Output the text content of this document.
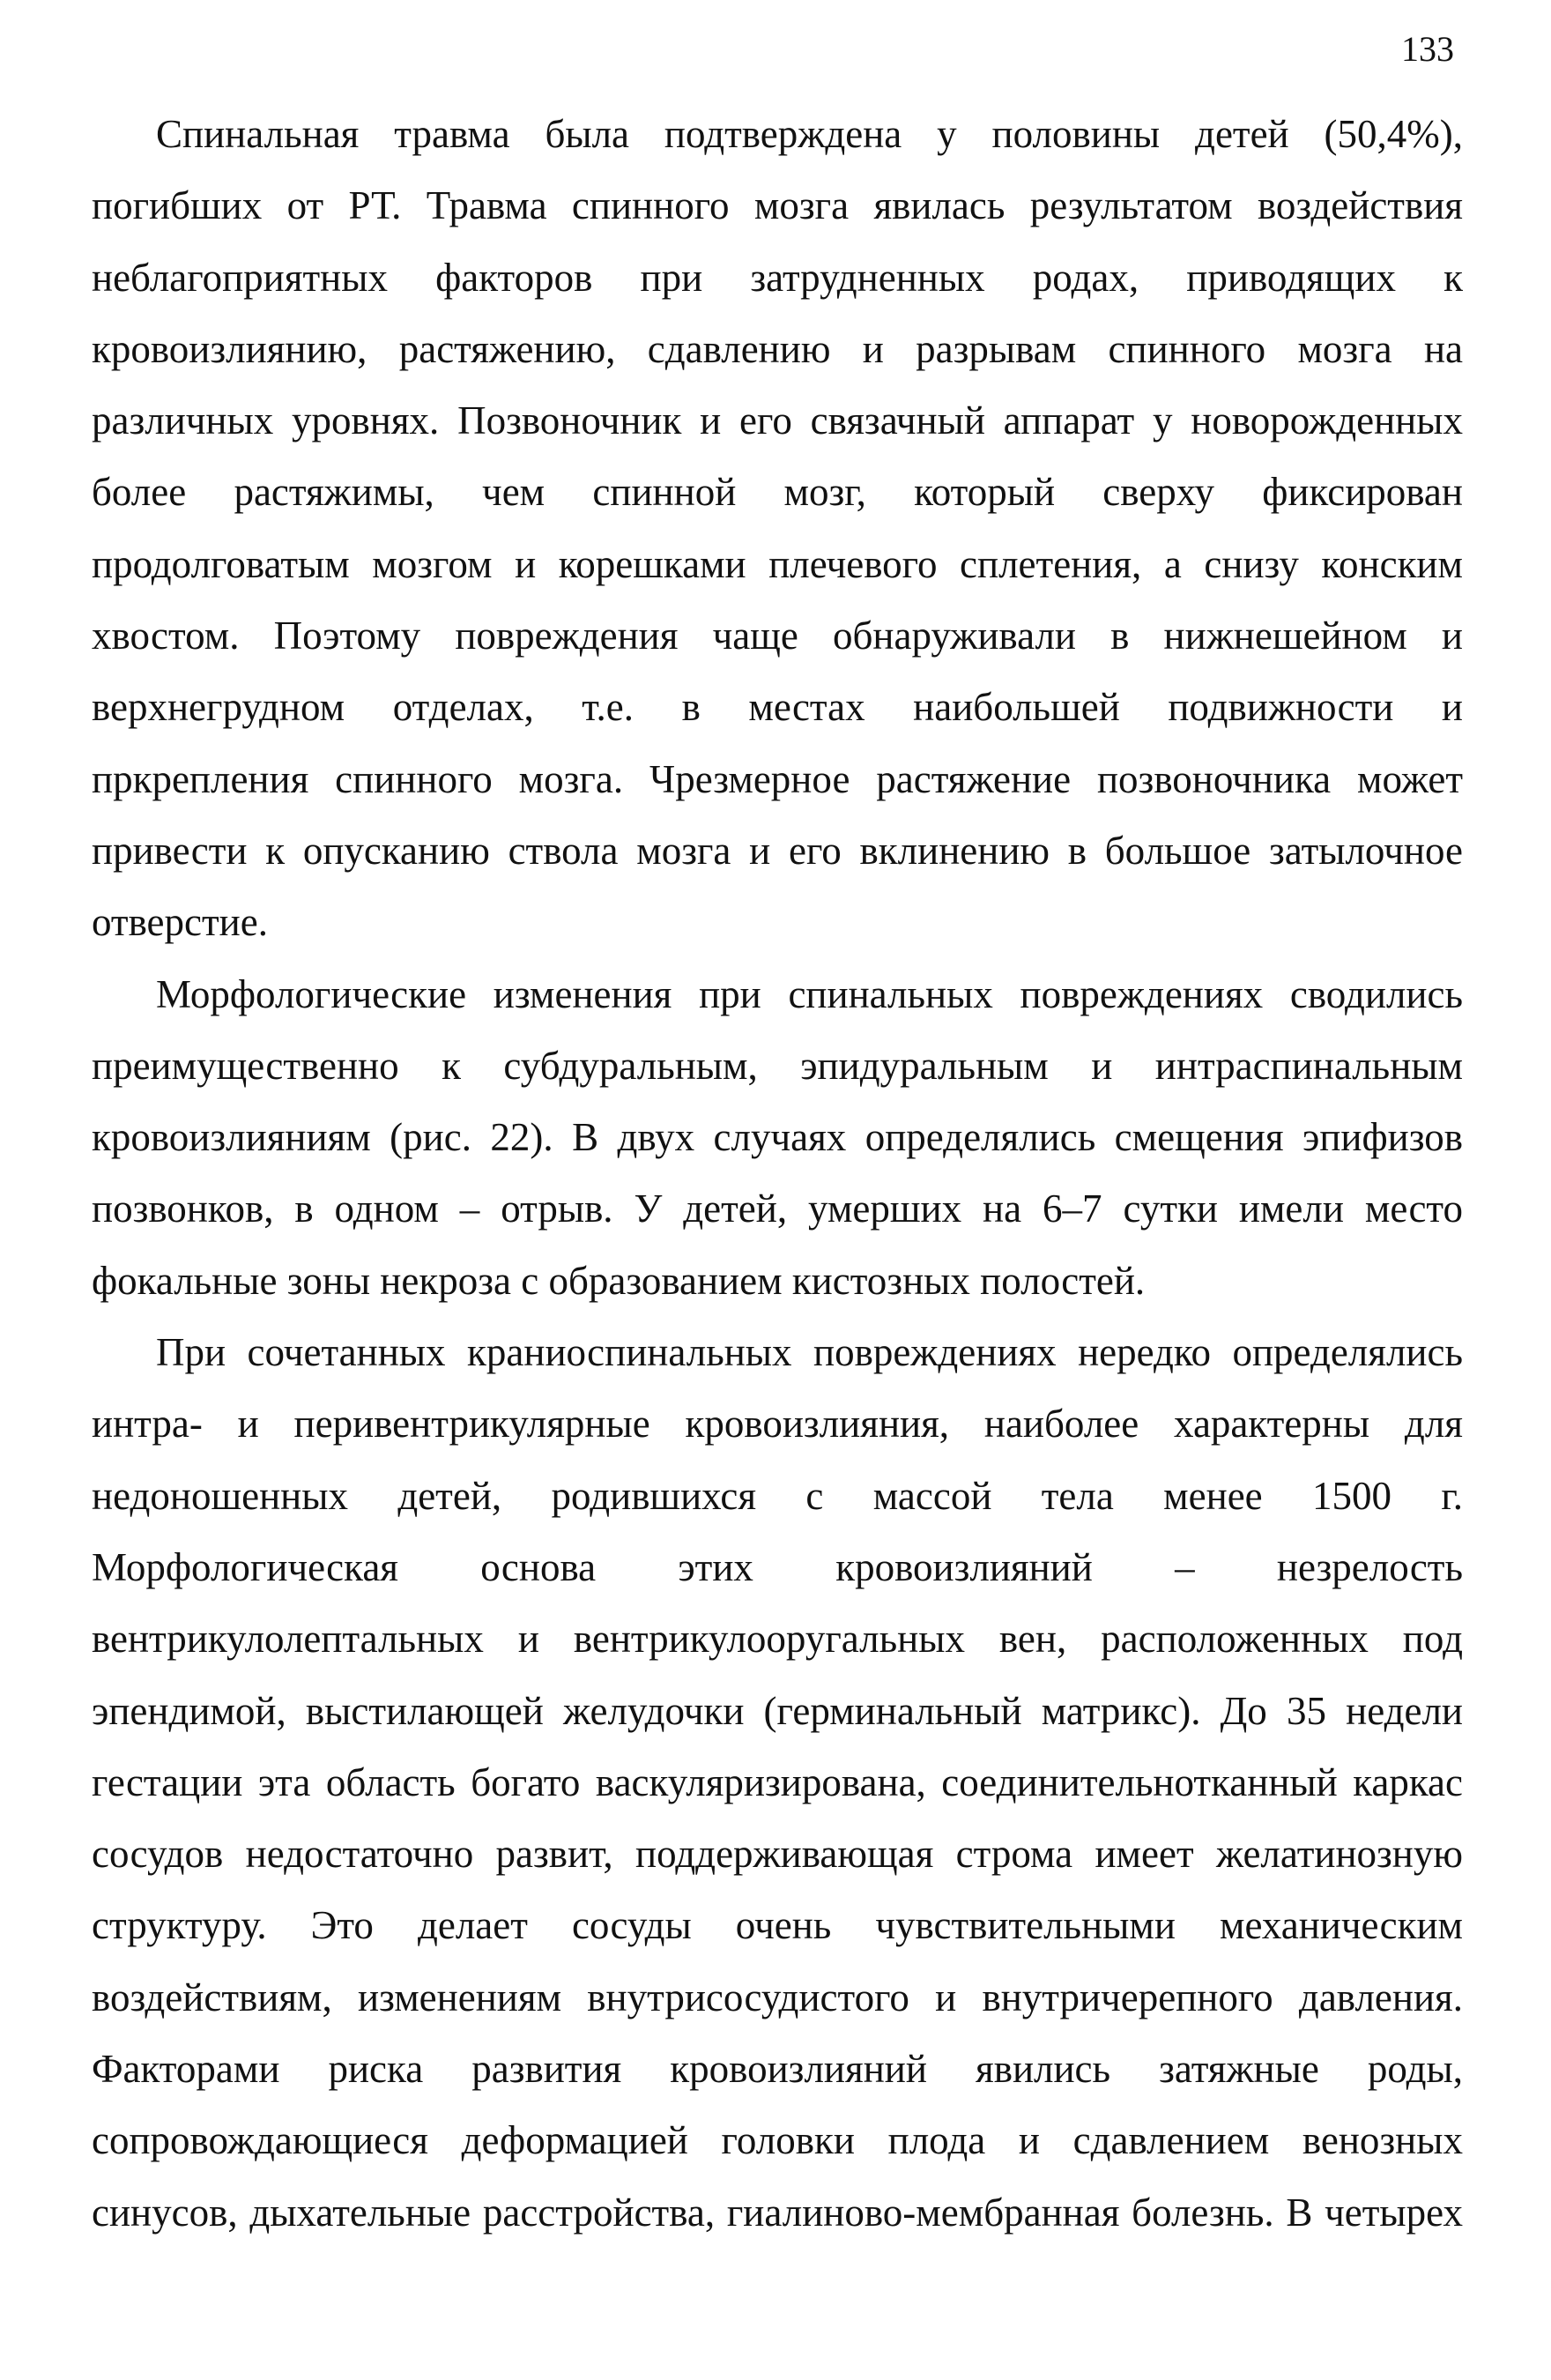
133
Спинальная травма была подтверждена у половины детей (50,4%),
погибших от РТ. Травма спинного мозга явилась результатом воздействия
неблагоприятных факторов при затрудненных родах, приводящих к
кровоизлиянию, растяжению, сдавлению и разрывам спинного мозга на
различных уровнях. Позвоночник и его связачный аппарат у новорожденных
более растяжимы, чем спинной мозг, который сверху фиксирован
продолговатым мозгом и корешками плечевого сплетения, а снизу конским
хвостом. Поэтому повреждения чаще обнаруживали в нижнешейном и
верхнегрудном отделах, т.е. в местах наибольшей подвижности и
пркрепления спинного мозга. Чрезмерное растяжение позвоночника может
привести к опусканию ствола мозга и его вклинению в большое затылочное
отверстие.
Морфологические изменения при спинальных повреждениях сводились
преимущественно к субдуральным, эпидуральным и интраспинальным
кровоизлияниям (рис. 22). В двух случаях определялись смещения эпифизов
позвонков, в одном – отрыв. У детей, умерших на 6–7 сутки имели место
фокальные зоны некроза с образованием кистозных полостей.
При сочетанных краниоспинальных повреждениях нередко определялись
интра- и перивентрикулярные кровоизлияния, наиболее характерны для
недоношенных детей, родившихся с массой тела менее 1500 г.
Морфологическая основа этих кровоизлияний – незрелость
вентрикулолептальных и вентрикулооругальных вен, расположенных под
эпендимой, выстилающей желудочки (герминальный матрикс). До 35 недели
гестации эта область богато васкуляризирована, соединительнотканный каркас
сосудов недостаточно развит, поддерживающая строма имеет желатинозную
структуру. Это делает сосуды очень чувствительными механическим
воздействиям, изменениям внутрисосудистого и внутричерепного давления.
Факторами риска развития кровоизлияний явились затяжные роды,
сопровождающиеся деформацией головки плода и сдавлением венозных
синусов, дыхательные расстройства, гиалиново-мембранная болезнь. В четырех
